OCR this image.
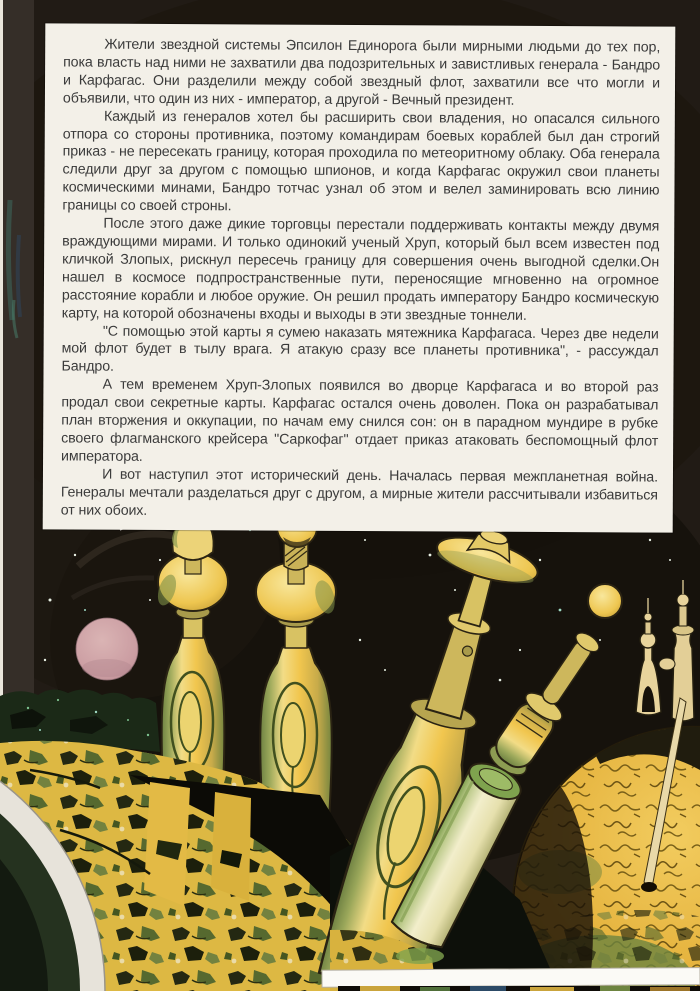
Жители звездной системы Эпсилон Единорога были мирными людьми до тех пор, пока власть над ними не захватили два подозрительных и завистливых генерала - Бандро и Карфагас. Они разделили между собой звездный флот, захватили все что могли и объявили, что один из них - император, а другой - Вечный президент.

Каждый из генералов хотел бы расширить свои владения, но опасался сильного отпора со стороны противника, поэтому командирам боевых кораблей был дан строгий приказ - не пересекать границу, которая проходила по метеоритному облаку. Оба генерала следили друг за другом с помощью шпионов, и когда Карфагас окружил свои планеты космическими минами, Бандро тотчас узнал об этом и велел заминировать всю линию границы со своей строны.

После этого даже дикие торговцы перестали поддерживать контакты между двумя враждующими мирами. И только одинокий ученый Хруп, который был всем известен под кличкой Злопых, рискнул пересечь границу для совершения очень выгодной сделки.Он нашел в космосе подпространственные пути, переносящие мгновенно на огромное расстояние корабли и любое оружие. Он решил продать императору Бандро космическую карту, на которой обозначены входы и выходы в эти звездные тоннели.

"С помощью этой карты я сумею наказать мятежника Карфагаса. Через две недели мой флот будет в тылу врага. Я атакую сразу все планеты противника", - рассуждал Бандро.

А тем временем Хруп-Злопых появился во дворце Карфагаса и во второй раз продал свои секретные карты. Карфагас остался очень доволен. Пока он разрабатывал план вторжения и оккупации, по начам ему снился сон: он в парадном мундире в рубке своего флагманского крейсера "Саркофаг" отдает приказ атаковать беспомощный флот императора.

И вот наступил этот исторический день. Началась первая межпланетная война. Генералы мечтали разделаться друг с другом, а мирные жители рассчитывали избавиться от них обоих.
